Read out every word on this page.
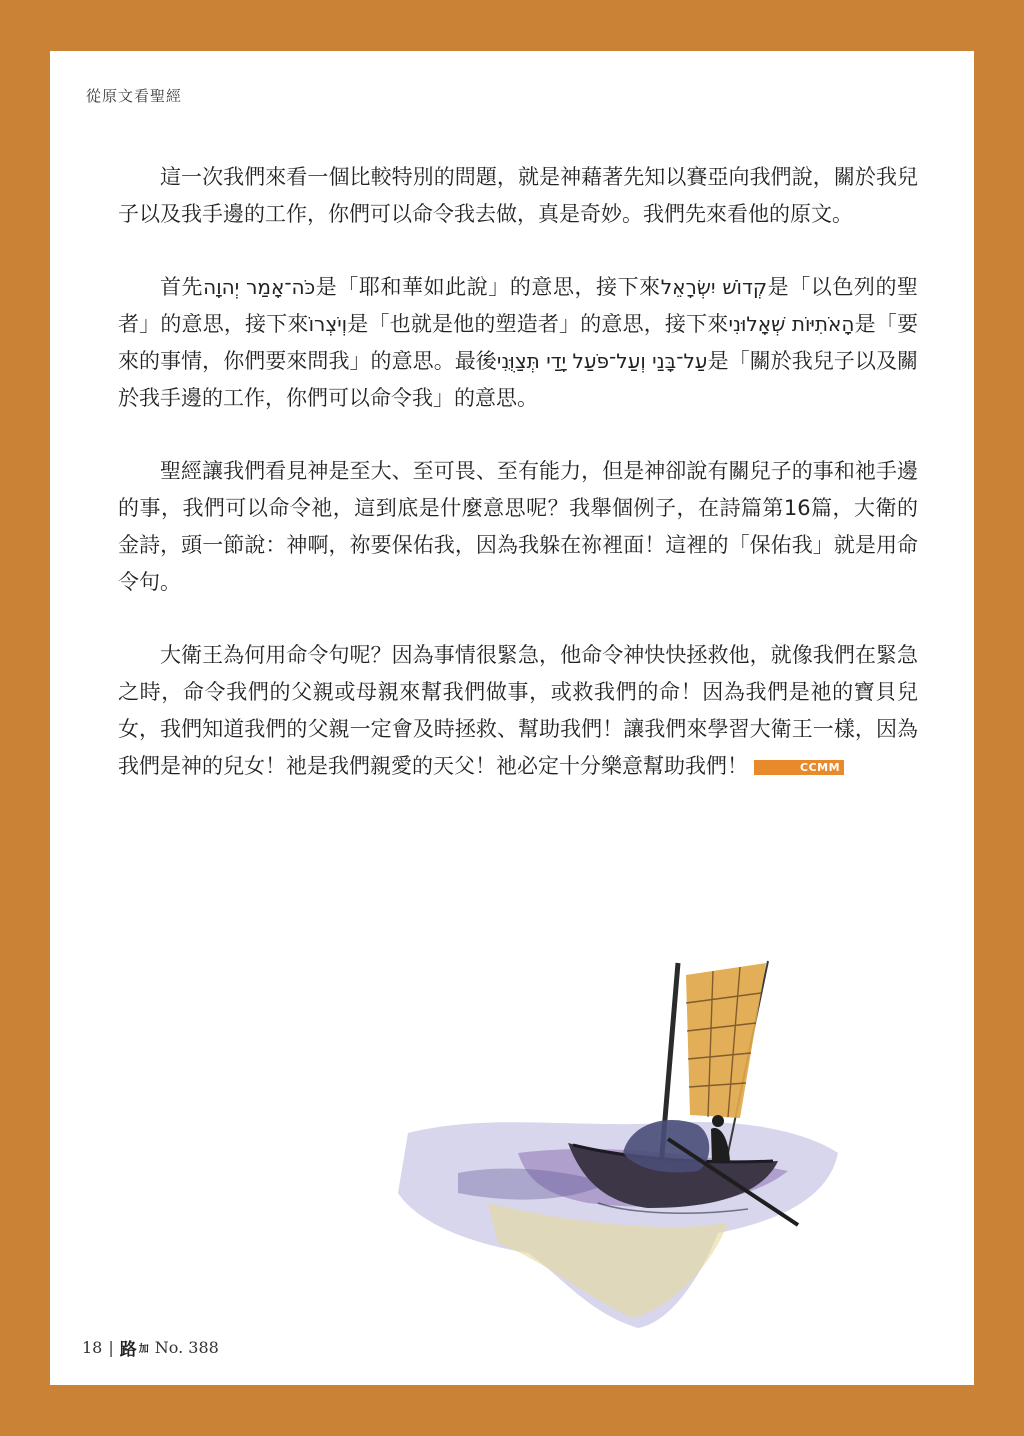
從原文看聖經

這一次我們來看一個比較特別的問題，就是神藉著先知以賽亞向我們說，關於我兒子以及我手邊的工作，你們可以命令我去做，真是奇妙。我們先來看他的原文。

首先כֹּה־אָמַר יְהוָה是「耶和華如此說」的意思，接下來קְדוֹשׁ יִשְׂרָאֵל是「以色列的聖者」的意思，接下來וְיֹצְרוֹ是「也就是他的塑造者」的意思，接下來הָאֹתִיּוֹת שְׁאָלוּנִי是「要來的事情，你們要來問我」的意思。最後עַל־בָּנַי וְעַל־פֹּעַל יָדַי תְּצַוֻּנִי是「關於我兒子以及關於我手邊的工作，你們可以命令我」的意思。

聖經讓我們看見神是至大、至可畏、至有能力，但是神卻說有關兒子的事和祂手邊的事，我們可以命令祂，這到底是什麼意思呢？我舉個例子，在詩篇第16篇，大衛的金詩，頭一節說：神啊，祢要保佑我，因為我躲在祢裡面！這裡的「保佑我」就是用命令句。

大衛王為何用命令句呢？因為事情很緊急，他命令神快快拯救他，就像我們在緊急之時，命令我們的父親或母親來幫我們做事，或救我們的命！因為我們是祂的寶貝兒女，我們知道我們的父親一定會及時拯救、幫助我們！讓我們來學習大衛王一樣，因為我們是神的兒女！祂是我們親愛的天父！祂必定十分樂意幫助我們！	CCMM

18 | 路 加 No. 388
